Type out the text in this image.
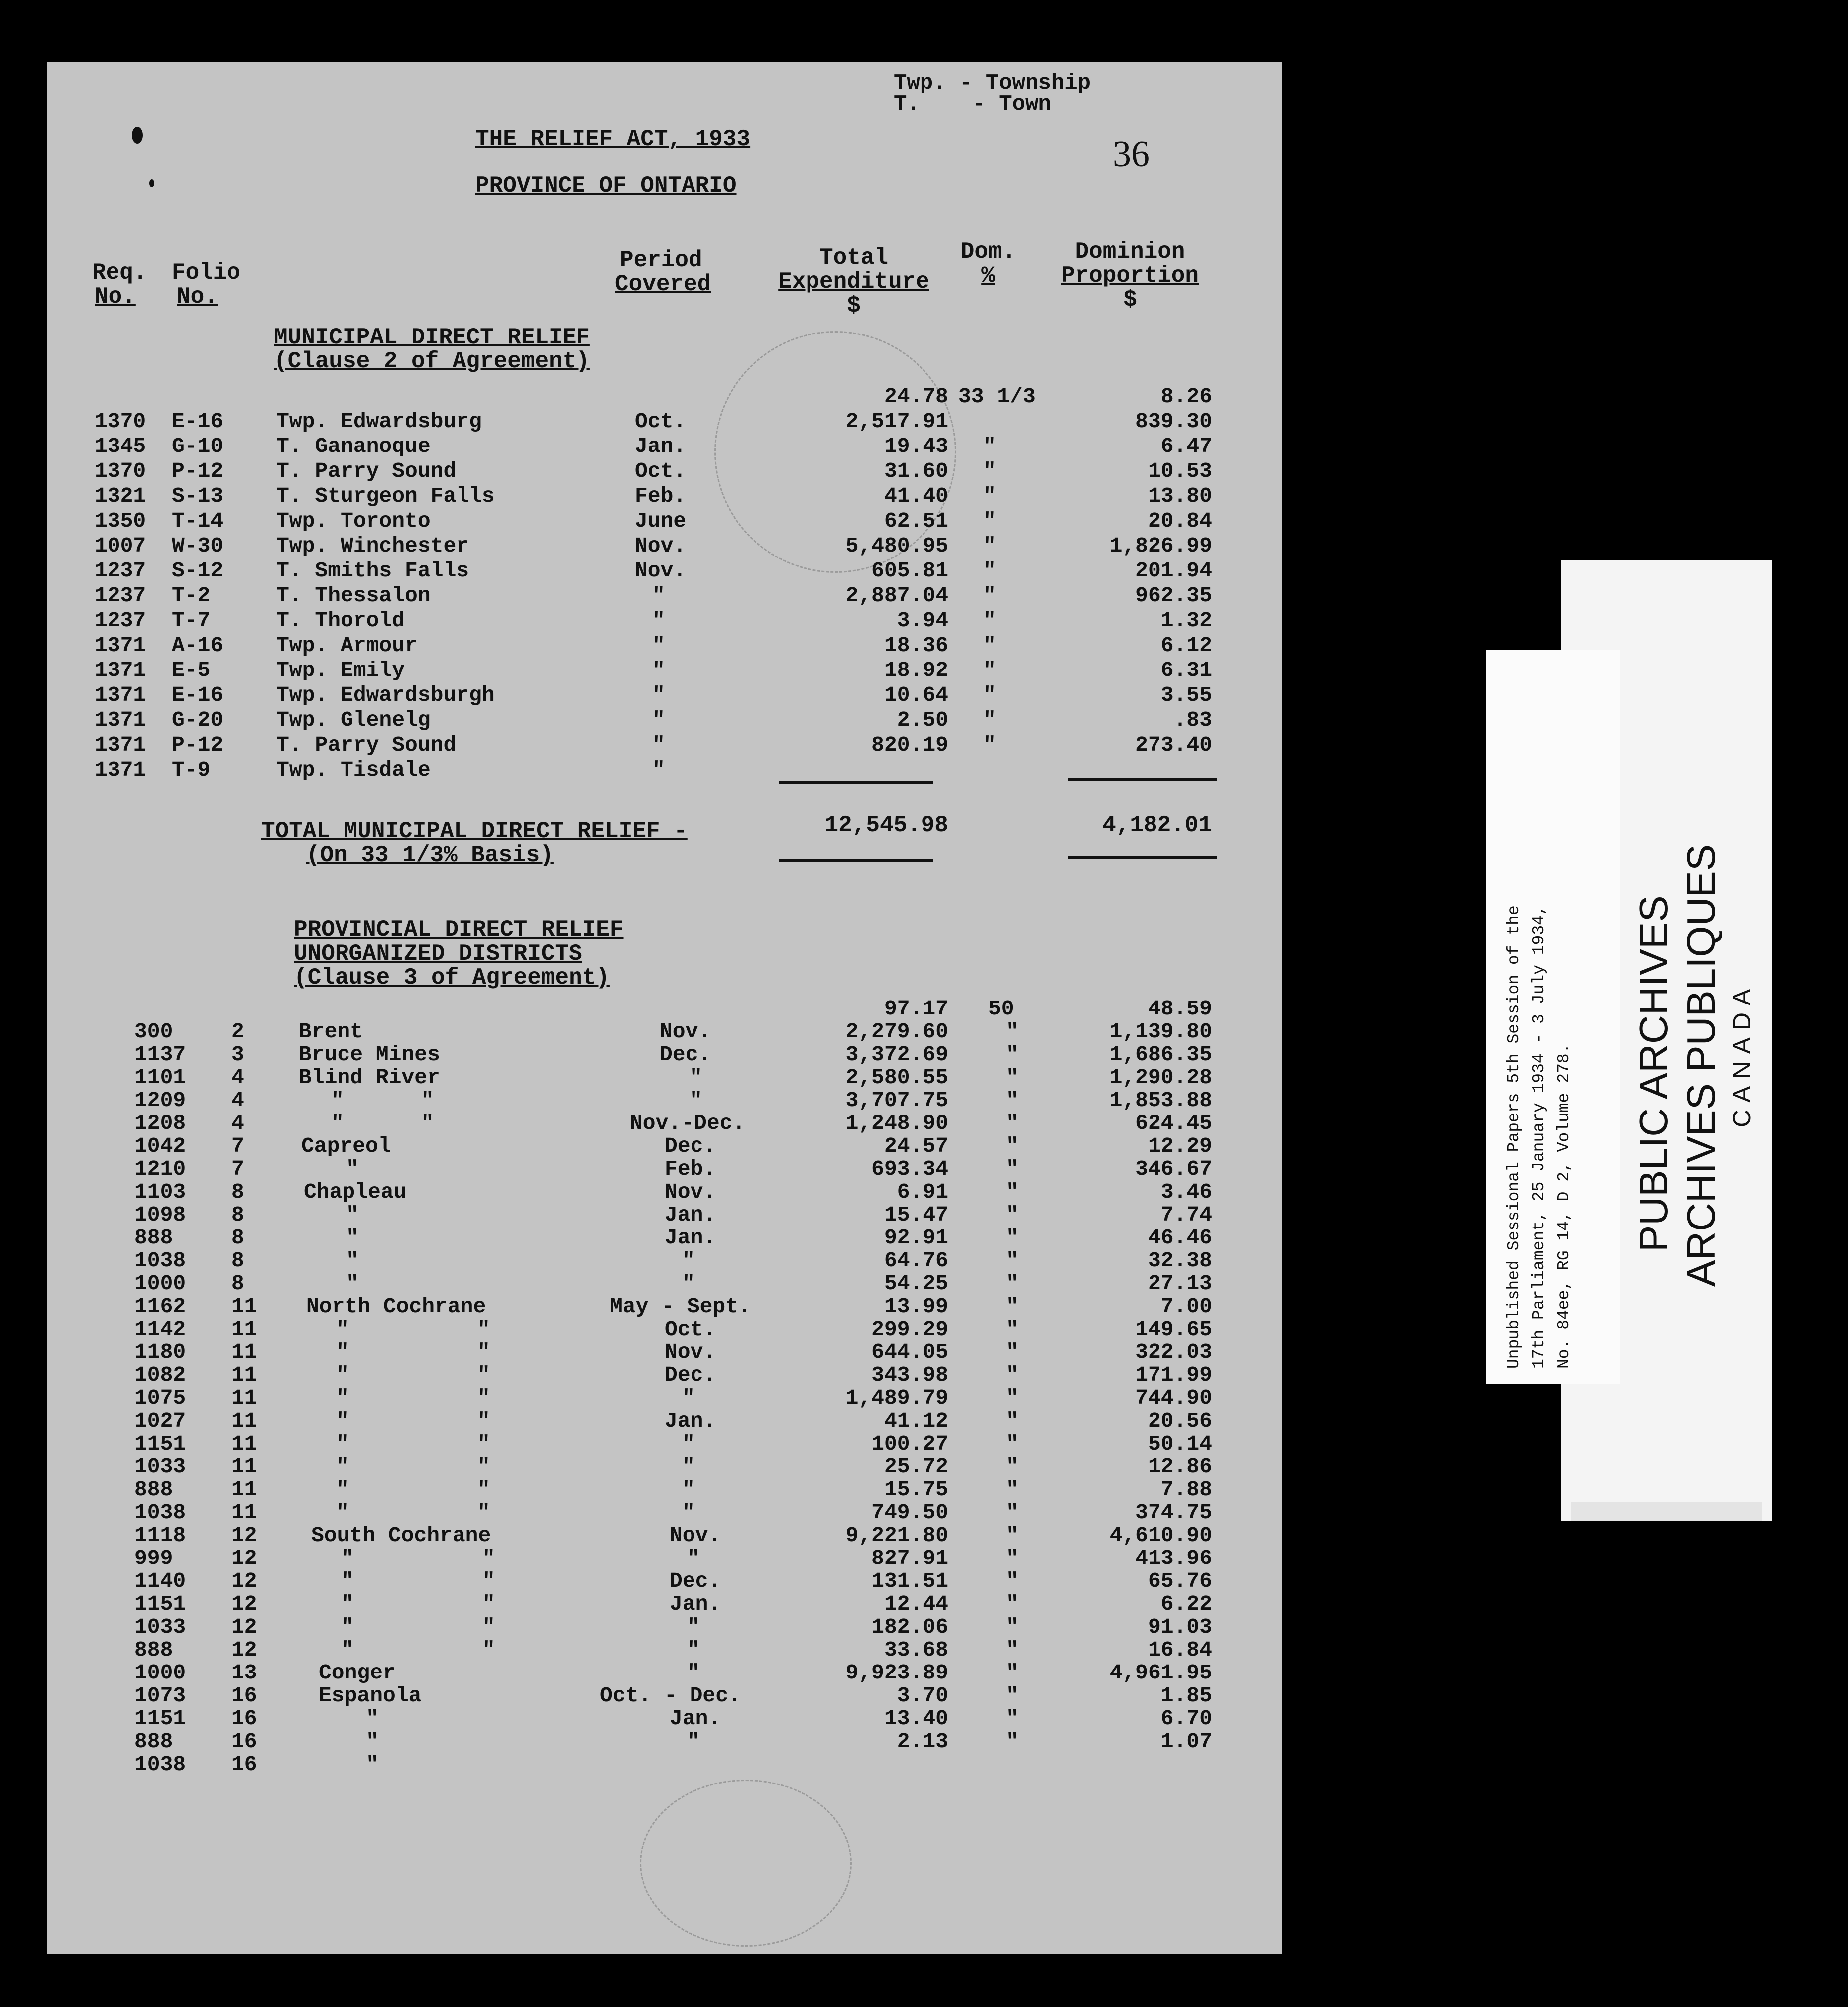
Twp. - Township
T.    - Town
36
THE RELIEF ACT, 1933
PROVINCE OF ONTARIO
Req.
No.
Folio
No.
Period
Covered
Total
Expenditure
$
Dom.
%
Dominion
Proportion
$
MUNICIPAL DIRECT RELIEF
(Clause 2 of Agreement)
24.78 33 1/3	8.26
1370 E-16 Twp. Edwardsburg	Oct.	2,517.91	839.30
1345 G-10 T. Gananoque	Jan.	19.43 "	6.47
1370 P-12 T. Parry Sound	Oct.	31.60 "	10.53
1321 S-13 T. Sturgeon Falls	Feb.	41.40 "	13.80
1350 T-14 Twp. Toronto	June	62.51 "	20.84
1007 W-30 Twp. Winchester	Nov.	5,480.95 "	1,826.99
1237 S-12 T. Smiths Falls	Nov.	605.81 "	201.94
1237 T-2	T. Thessalon	"	2,887.04 "	962.35
1237 T-7	T. Thorold	"	3.94 "	1.32
1371 A-16 Twp. Armour	"	18.36 "	6.12
1371 E-5	Twp. Emily	"	18.92 "	6.31
1371 E-16 Twp. Edwardsburgh	"	10.64 "	3.55
1371 G-20 Twp. Glenelg	"	2.50 "	.83
1371 P-12 T. Parry Sound	"	820.19 "	273.40
1371 T-9	Twp. Tisdale	"
TOTAL MUNICIPAL DIRECT RELIEF -
(On 33 1/3% Basis)
12,545.98	4,182.01
PROVINCIAL DIRECT RELIEF
UNORGANIZED DISTRICTS
(Clause 3 of Agreement)
97.17 50	48.59
300	2	Brent	Nov.	2,279.60	"	1,139.80
1137 3	Bruce Mines	Dec.	3,372.69	"	1,686.35
1101 4	Blind River	"	2,580.55	"	1,290.28
1209 4	"      "	"	3,707.75	"	1,853.88
1208 4	"      "	Nov.-Dec.	1,248.90	"	624.45
1042 7	Capreol	Dec.	24.57	"	12.29
1210 7	"	Feb.	693.34	"	346.67
1103 8	Chapleau	Nov.	6.91	"	3.46
1098 8	"	Jan.	15.47	"	7.74
888	8	"	Jan.	92.91	"	46.46
1038 8	"	"	64.76	"	32.38
1000 8	"	"	54.25	"	27.13
1162 11 North Cochrane	May - Sept.	13.99	"	7.00
1142 11	"          "	Oct.	299.29	"	149.65
1180 11	"          "	Nov.	644.05	"	322.03
1082 11	"          "	Dec.	343.98	"	171.99
1075 11	"          "	"	1,489.79	"	744.90
1027 11	"          "	Jan.	41.12	"	20.56
1151 11	"          "	"	100.27	"	50.14
1033 11	"          "	"	25.72	"	12.86
888	11	"          "	"	15.75	"	7.88
1038 11	"          "	"	749.50	"	374.75
1118 12	South Cochrane	Nov.	9,221.80	"	4,610.90
999	12	"          "	"	827.91	"	413.96
1140 12	"          "	Dec.	131.51	"	65.76
1151 12	"          "	Jan.	12.44	"	6.22
1033 12	"          "	"	182.06	"	91.03
888	12	"          "	"	33.68	"	16.84
1000 13	Conger	"	9,923.89	"	4,961.95
1073 16	Espanola	Oct. - Dec.	3.70	"	1.85
1151 16	"	Jan.	13.40	"	6.70
888	16	"	"	2.13	"	1.07
1038 16	"
PUBLIC ARCHIVES ARCHIVES PUBLIQUES CANADA
Unpublished Sessional Papers 5th Session of the 17th Parliament, 25 January 1934 - 3 July 1934, No. 84ee, RG 14, D 2, Volume 278.
